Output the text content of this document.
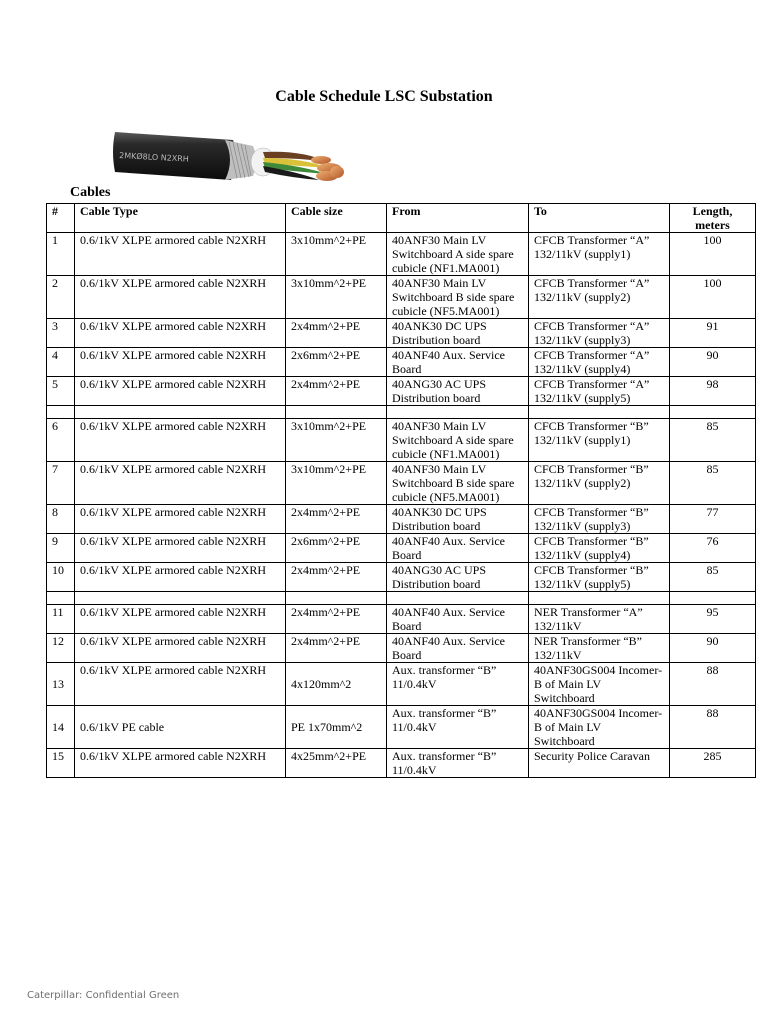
Cable Schedule LSC Substation
2MKØ8LO N2XRH
Cables
#	Cable Type	Cable size	From	To	Length, meters
1	0.6/1kV XLPE armored cable N2XRH	3x10mm^2+PE	40ANF30 Main LV Switchboard A side spare cubicle (NF1.MA001)	CFCB Transformer “A” 132/11kV (supply1)	100
2	0.6/1kV XLPE armored cable N2XRH	3x10mm^2+PE	40ANF30 Main LV Switchboard B side spare cubicle (NF5.MA001)	CFCB Transformer “A” 132/11kV (supply2)	100
3	0.6/1kV XLPE armored cable N2XRH	2x4mm^2+PE	40ANK30 DC UPS Distribution board	CFCB Transformer “A” 132/11kV (supply3)	91
4	0.6/1kV XLPE armored cable N2XRH	2x6mm^2+PE	40ANF40 Aux. Service Board	CFCB Transformer “A” 132/11kV (supply4)	90
5	0.6/1kV XLPE armored cable N2XRH	2x4mm^2+PE	40ANG30 AC UPS Distribution board	CFCB Transformer “A” 132/11kV (supply5)	98

6	0.6/1kV XLPE armored cable N2XRH	3x10mm^2+PE	40ANF30 Main LV Switchboard A side spare cubicle (NF1.MA001)	CFCB Transformer “B” 132/11kV (supply1)	85
7	0.6/1kV XLPE armored cable N2XRH	3x10mm^2+PE	40ANF30 Main LV Switchboard B side spare cubicle (NF5.MA001)	CFCB Transformer “B” 132/11kV (supply2)	85
8	0.6/1kV XLPE armored cable N2XRH	2x4mm^2+PE	40ANK30 DC UPS Distribution board	CFCB Transformer “B” 132/11kV (supply3)	77
9	0.6/1kV XLPE armored cable N2XRH	2x6mm^2+PE	40ANF40 Aux. Service Board	CFCB Transformer “B” 132/11kV (supply4)	76
10	0.6/1kV XLPE armored cable N2XRH	2x4mm^2+PE	40ANG30 AC UPS Distribution board	CFCB Transformer “B” 132/11kV (supply5)	85

11	0.6/1kV XLPE armored cable N2XRH	2x4mm^2+PE	40ANF40 Aux. Service Board	NER Transformer “A” 132/11kV	95
12	0.6/1kV XLPE armored cable N2XRH	2x4mm^2+PE	40ANF40 Aux. Service Board	NER Transformer “B” 132/11kV	90
13	0.6/1kV XLPE armored cable N2XRH	4x120mm^2	Aux. transformer “B” 11/0.4kV	40ANF30GS004 Incomer-B of Main LV Switchboard	88
14	0.6/1kV PE cable	PE 1x70mm^2	Aux. transformer “B” 11/0.4kV	40ANF30GS004 Incomer-B of Main LV Switchboard	88
15	0.6/1kV XLPE armored cable N2XRH	4x25mm^2+PE	Aux. transformer “B” 11/0.4kV	Security Police Caravan	285
Caterpillar: Confidential Green
